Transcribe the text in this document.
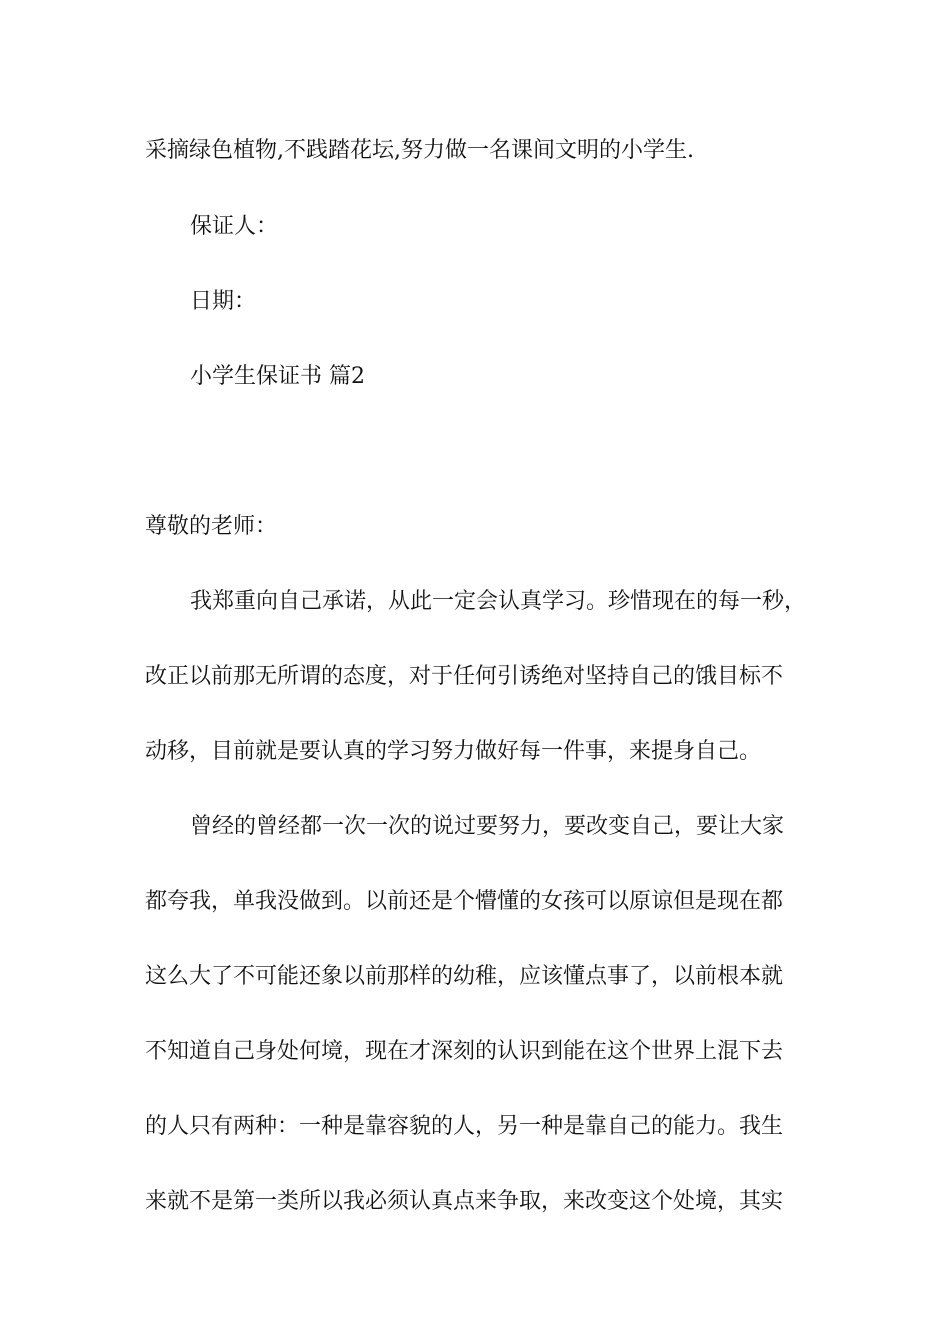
采摘绿色植物,不践踏花坛,努力做一名课间文明的小学生.
保证人：
日期：
小学生保证书 篇2
尊敬的老师：
我郑重向自己承诺，从此一定会认真学习。珍惜现在的每一秒，
改正以前那无所谓的态度，对于任何引诱绝对坚持自己的饿目标不
动移，目前就是要认真的学习努力做好每一件事，来提身自己。
曾经的曾经都一次一次的说过要努力，要改变自己，要让大家
都夸我，单我没做到。以前还是个懵懂的女孩可以原谅但是现在都
这么大了不可能还象以前那样的幼稚，应该懂点事了，以前根本就
不知道自己身处何境，现在才深刻的认识到能在这个世界上混下去
的人只有两种：一种是靠容貌的人，另一种是靠自己的能力。我生
来就不是第一类所以我必须认真点来争取，来改变这个处境，其实
